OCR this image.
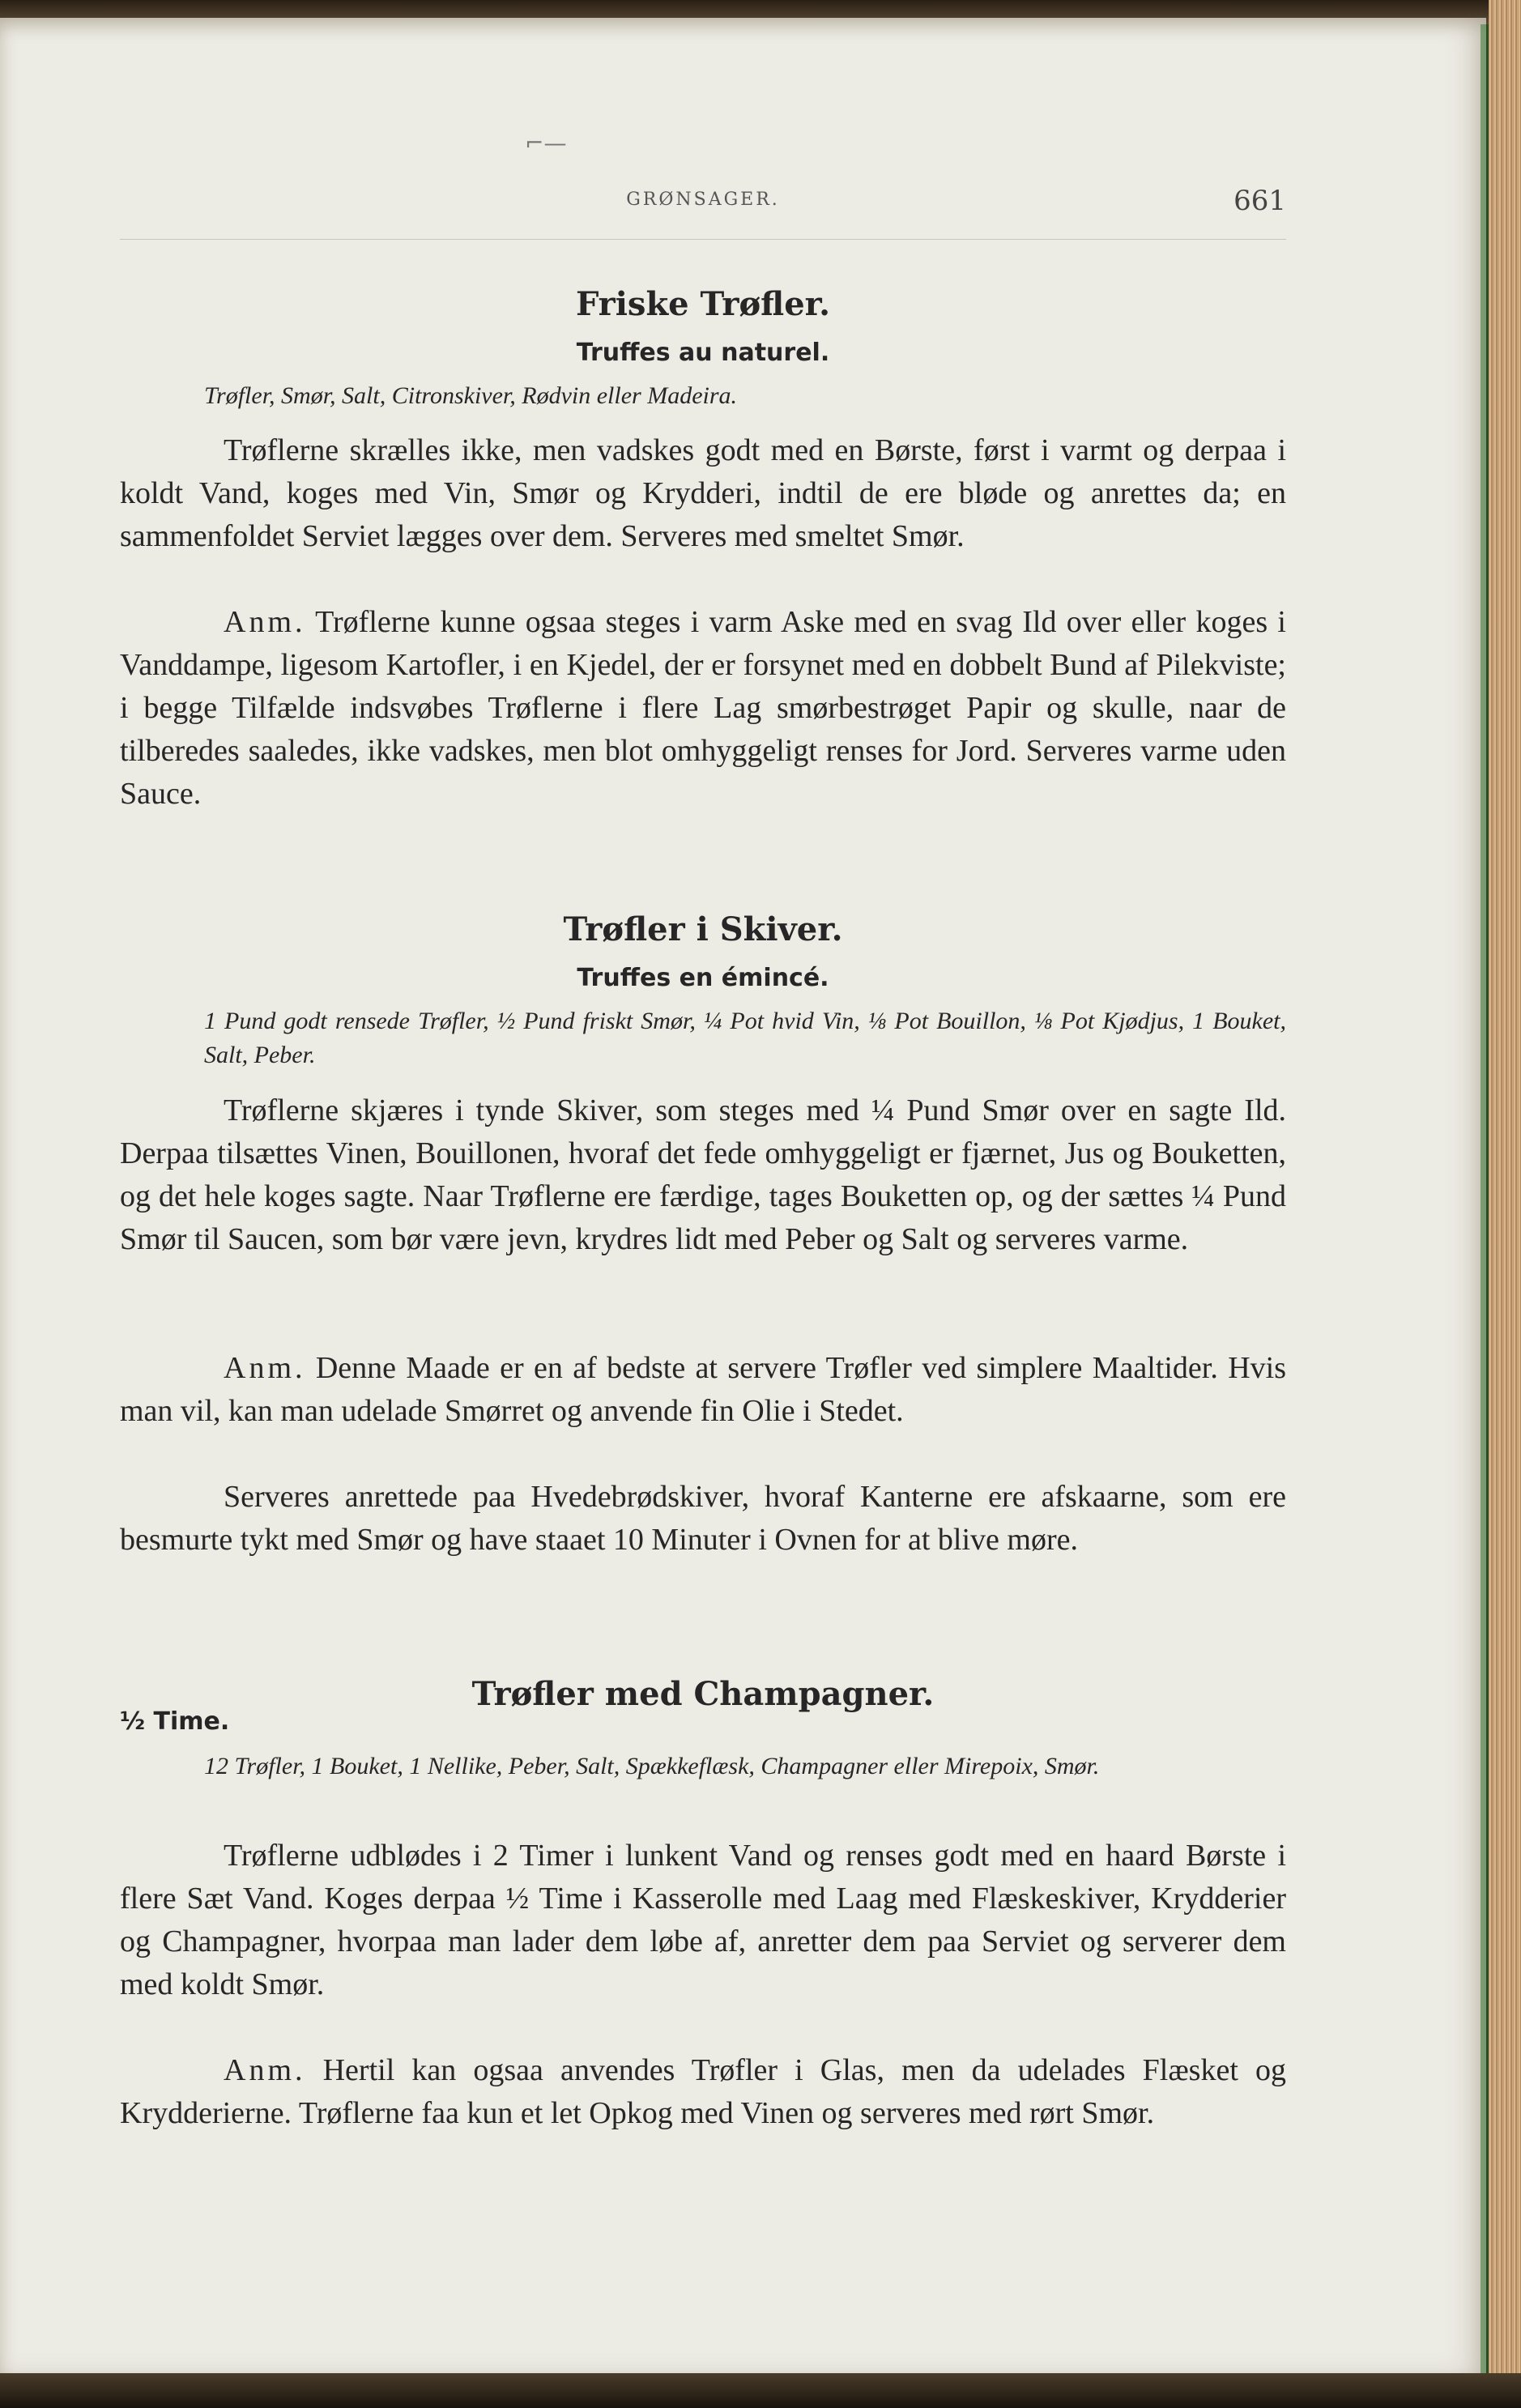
⌐—
GRØNSAGER.	661
Friske Trøfler.
Truffes au naturel.
Trøfler, Smør, Salt, Citronskiver, Rødvin eller Madeira.
Trøflerne skrælles ikke, men vadskes godt med en Børste, først i varmt og derpaa i koldt Vand, koges med Vin, Smør og Krydderi, indtil de ere bløde og anrettes da; en sammenfoldet Serviet lægges over dem. Serveres med smeltet Smør.
Anm. Trøflerne kunne ogsaa steges i varm Aske med en svag Ild over eller koges i Vanddampe, ligesom Kartofler, i en Kjedel, der er forsynet med en dobbelt Bund af Pilekviste; i begge Tilfælde indsvøbes Trøflerne i flere Lag smørbestrøget Papir og skulle, naar de tilberedes saaledes, ikke vadskes, men blot omhyggeligt renses for Jord. Serveres varme uden Sauce.
Trøfler i Skiver.
Truffes en émincé.
1 Pund godt rensede Trøfler, ½ Pund friskt Smør, ¼ Pot hvid Vin, ⅛ Pot Bouillon, ⅛ Pot Kjødjus, 1 Bouket, Salt, Peber.
Trøflerne skjæres i tynde Skiver, som steges med ¼ Pund Smør over en sagte Ild. Derpaa tilsættes Vinen, Bouillonen, hvoraf det fede omhyggeligt er fjærnet, Jus og Bouketten, og det hele koges sagte. Naar Trøflerne ere færdige, tages Bouketten op, og der sættes ¼ Pund Smør til Saucen, som bør være jevn, krydres lidt med Peber og Salt og serveres varme.
Anm. Denne Maade er en af bedste at servere Trøfler ved simplere Maaltider. Hvis man vil, kan man udelade Smørret og anvende fin Olie i Stedet.
Serveres anrettede paa Hvedebrødskiver, hvoraf Kanterne ere afskaarne, som ere besmurte tykt med Smør og have staaet 10 Minuter i Ovnen for at blive møre.
Trøfler med Champagner.
½ Time.
12 Trøfler, 1 Bouket, 1 Nellike, Peber, Salt, Spækkeflæsk, Champagner eller Mirepoix, Smør.
Trøflerne udblødes i 2 Timer i lunkent Vand og renses godt med en haard Børste i flere Sæt Vand. Koges derpaa ½ Time i Kasserolle med Laag med Flæskeskiver, Krydderier og Champagner, hvorpaa man lader dem løbe af, anretter dem paa Serviet og serverer dem med koldt Smør.
Anm. Hertil kan ogsaa anvendes Trøfler i Glas, men da udelades Flæsket og Krydderierne. Trøflerne faa kun et let Opkog med Vinen og serveres med rørt Smør.
